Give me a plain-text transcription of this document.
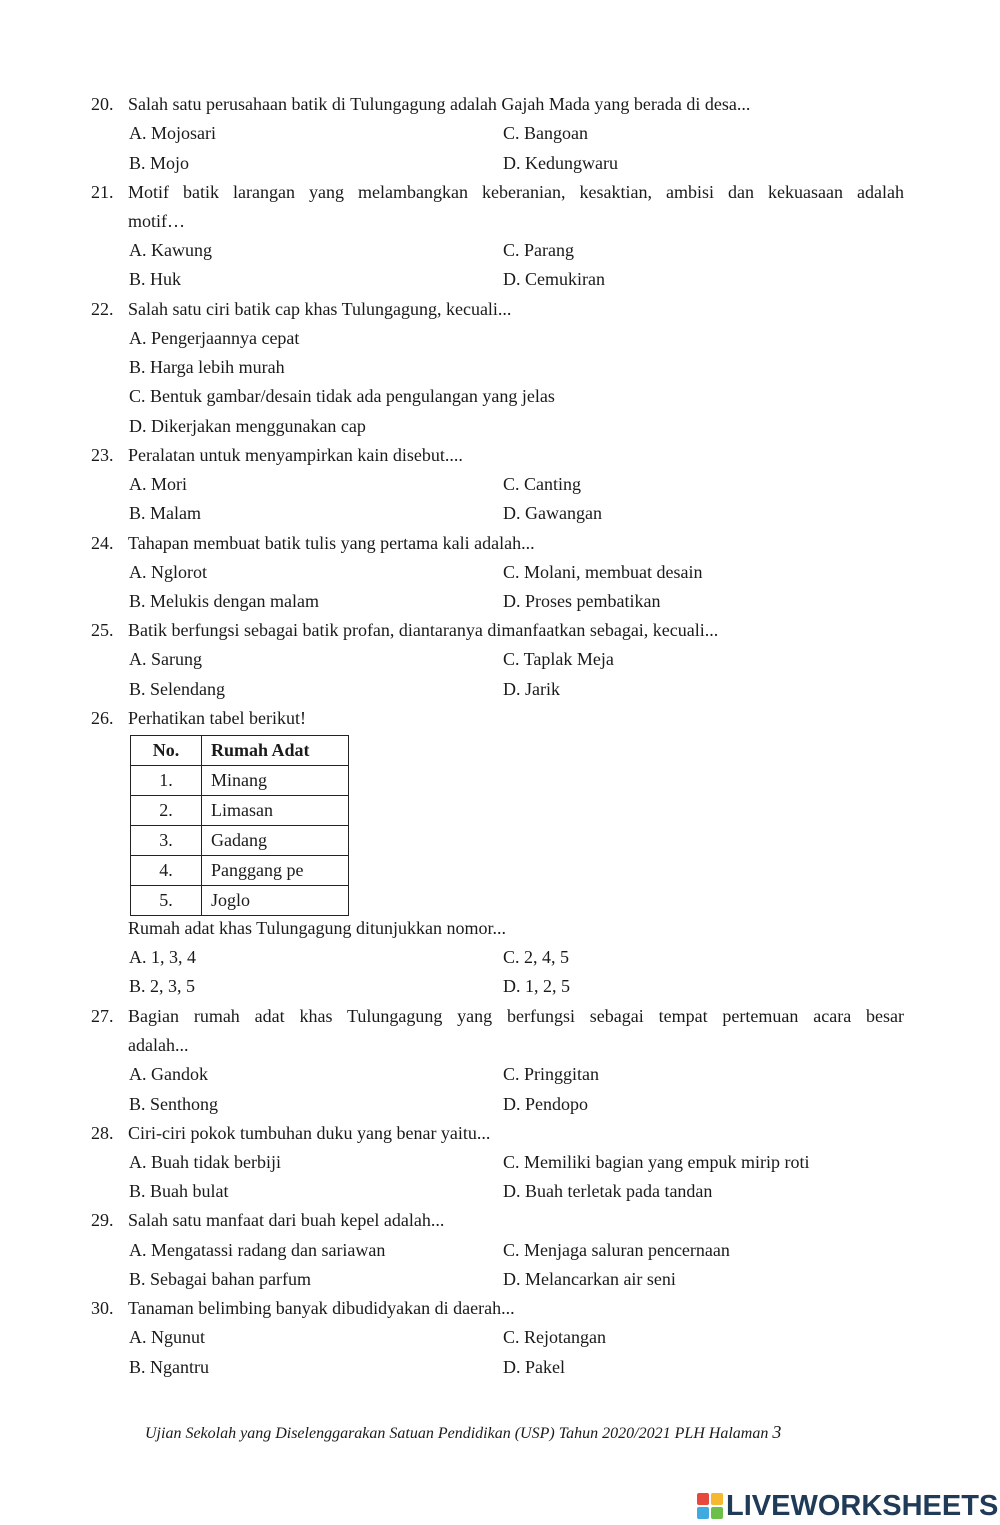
20. Salah satu perusahaan batik di Tulungagung adalah Gajah Mada yang berada di desa...
A. Mojosari	C. Bangoan
B. Mojo	D. Kedungwaru
21. Motif batik larangan yang melambangkan keberanian, kesaktian, ambisi dan kekuasaan adalah
motif…
A. Kawung	C. Parang
B. Huk	D. Cemukiran
22. Salah satu ciri batik cap khas Tulungagung, kecuali...
A. Pengerjaannya cepat
B. Harga lebih murah
C. Bentuk gambar/desain tidak ada pengulangan yang jelas
D. Dikerjakan menggunakan cap
23. Peralatan untuk menyampirkan kain disebut....
A. Mori	C. Canting
B. Malam	D. Gawangan
24. Tahapan membuat batik tulis yang pertama kali adalah...
A. Nglorot	C. Molani, membuat desain
B. Melukis dengan malam	D. Proses pembatikan
25. Batik berfungsi sebagai batik profan, diantaranya dimanfaatkan sebagai, kecuali...
A. Sarung	C. Taplak Meja
B. Selendang	D. Jarik
26. Perhatikan tabel berikut!
No.	Rumah Adat
1.	Minang
2.	Limasan
3.	Gadang
4.	Panggang pe
5.	Joglo
Rumah adat khas Tulungagung ditunjukkan nomor...
A. 1, 3, 4	C. 2, 4, 5
B. 2, 3, 5	D. 1, 2, 5
27. Bagian rumah adat khas Tulungagung yang berfungsi sebagai tempat pertemuan acara besar
adalah...
A. Gandok	C. Pringgitan
B. Senthong	D. Pendopo
28. Ciri-ciri pokok tumbuhan duku yang benar yaitu...
A. Buah tidak berbiji	C. Memiliki bagian yang empuk mirip roti
B. Buah bulat	D. Buah terletak pada tandan
29. Salah satu manfaat dari buah kepel adalah...
A. Mengatassi radang dan sariawan	C. Menjaga saluran pencernaan
B. Sebagai bahan parfum	D. Melancarkan air seni
30. Tanaman belimbing banyak dibudidyakan di daerah...
A. Ngunut	C. Rejotangan
B. Ngantru	D. Pakel
Ujian Sekolah yang Diselenggarakan Satuan Pendidikan (USP) Tahun 2020/2021 PLH Halaman 3
LIVEWORKSHEETS
